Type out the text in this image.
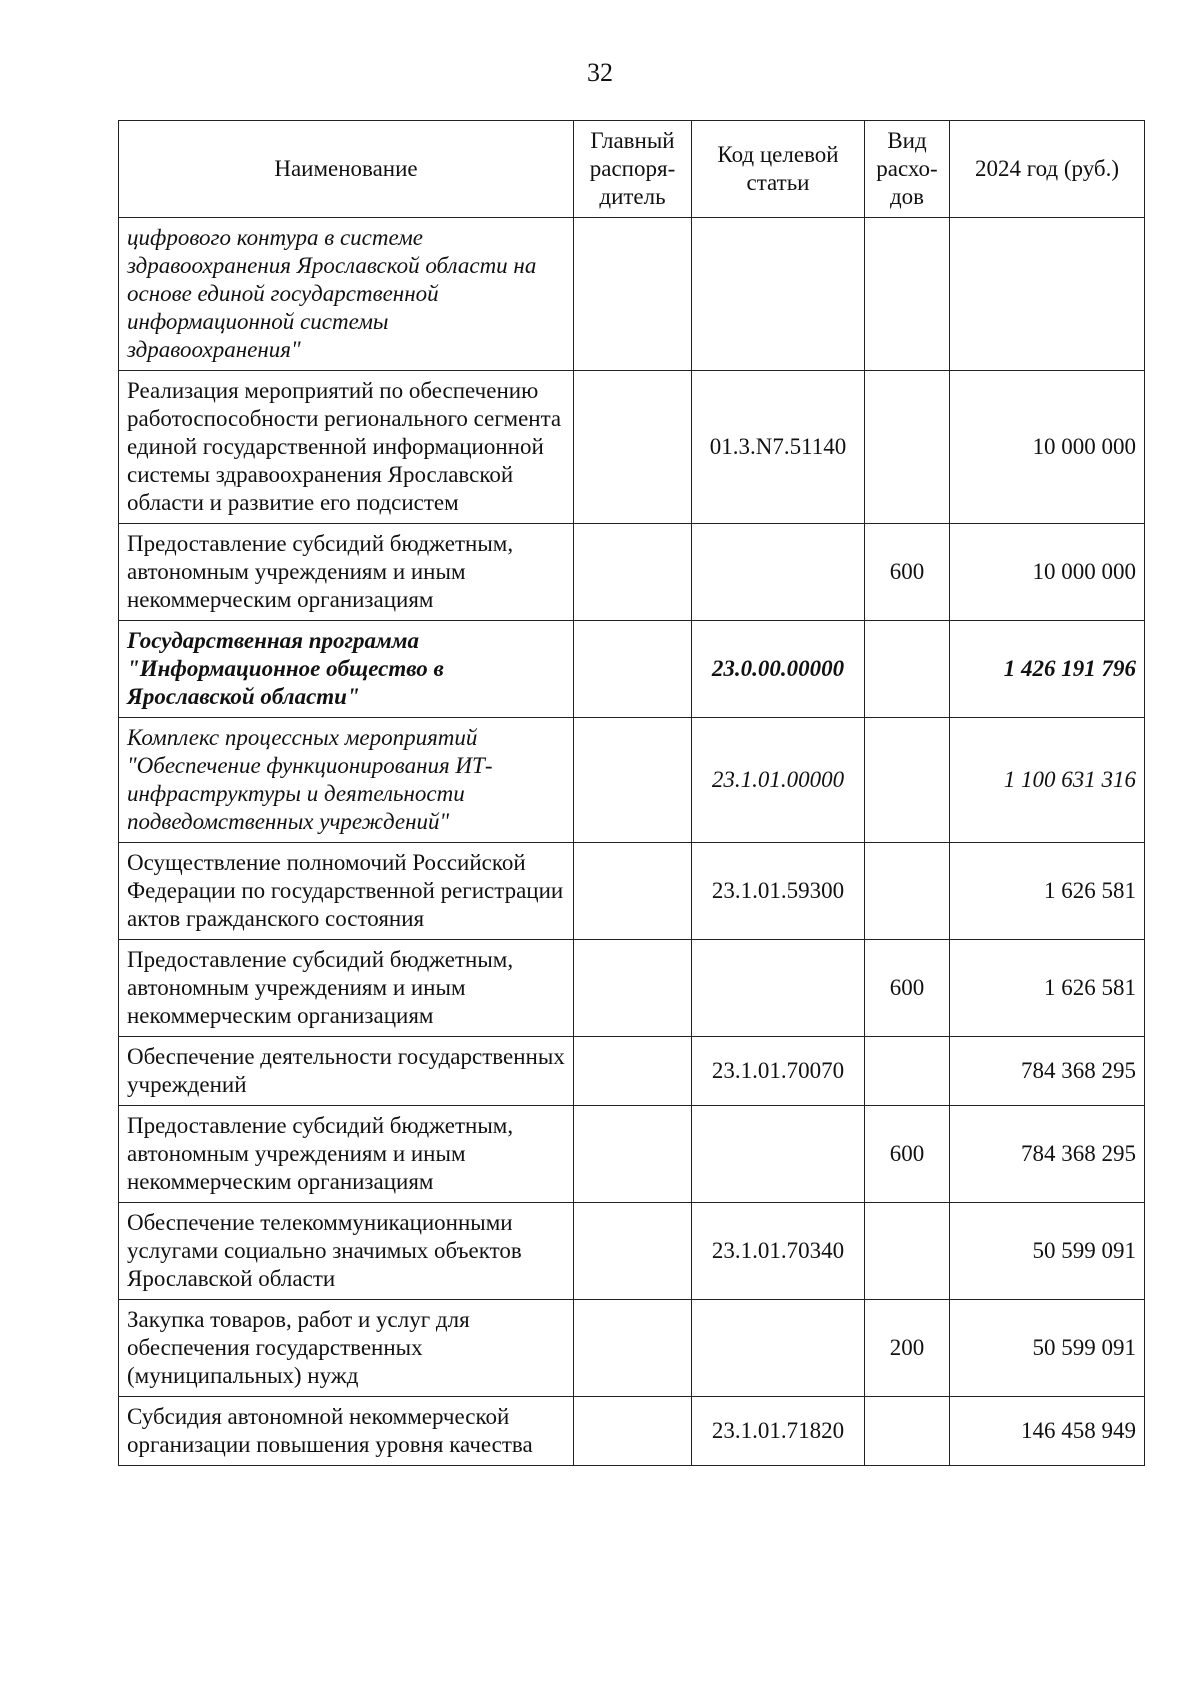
32
Наименование	Главный распоря-дитель	Код целевой статьи	Вид расхо-дов	2024 год (руб.)
цифрового контура в системе здравоохранения Ярославской области на основе единой государственной информационной системы здравоохранения"				
Реализация мероприятий по обеспечению работоспособности регионального сегмента единой государственной информационной системы здравоохранения Ярославской области и развитие его подсистем		01.3.N7.51140		10 000 000
Предоставление субсидий бюджетным, автономным учреждениям и иным некоммерческим организациям			600	10 000 000
Государственная программа "Информационное общество в Ярославской области"		23.0.00.00000		1 426 191 796
Комплекс процессных мероприятий "Обеспечение функционирования ИТ-инфраструктуры и деятельности подведомственных учреждений"		23.1.01.00000		1 100 631 316
Осуществление полномочий Российской Федерации по государственной регистрации актов гражданского состояния		23.1.01.59300		1 626 581
Предоставление субсидий бюджетным, автономным учреждениям и иным некоммерческим организациям			600	1 626 581
Обеспечение деятельности государственных учреждений		23.1.01.70070		784 368 295
Предоставление субсидий бюджетным, автономным учреждениям и иным некоммерческим организациям			600	784 368 295
Обеспечение телекоммуникационными услугами социально значимых объектов Ярославской области		23.1.01.70340		50 599 091
Закупка товаров, работ и услуг для обеспечения государственных (муниципальных) нужд			200	50 599 091
Субсидия автономной некоммерческой организации повышения уровня качества		23.1.01.71820		146 458 949
